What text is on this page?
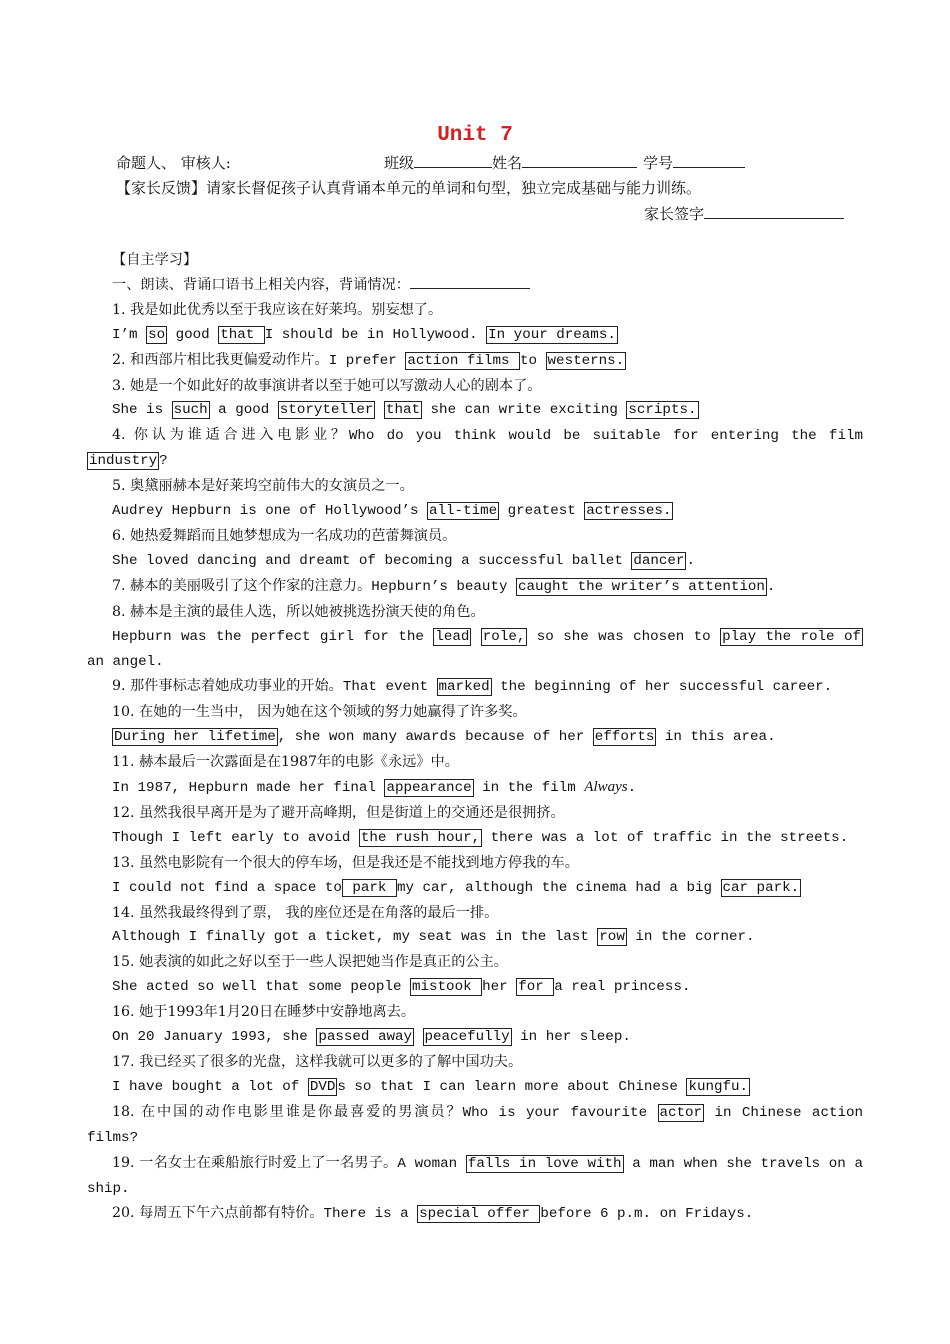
Unit 7
命题人、 审核人:	班级	姓名	学号
【家长反馈】请家长督促孩子认真背诵本单元的单词和句型，独立完成基础与能力训练。
家长签字
【自主学习】
一、朗读、背诵口语书上相关内容，背诵情况：
1. 我是如此优秀以至于我应该在好莱坞。别妄想了。
I’m so good that I should be in Hollywood. In your dreams.
2. 和西部片相比我更偏爱动作片。I prefer action films to westerns.
3. 她是一个如此好的故事演讲者以至于她可以写激动人心的剧本了。
She is such a good storyteller that she can write exciting scripts.
4. 你认为谁适合进入电影业？Who do you think would be suitable for entering the film industry ?
5. 奥黛丽赫本是好莱坞空前伟大的女演员之一。
Audrey Hepburn is one of Hollywood’s all-time greatest actresses.
6. 她热爱舞蹈而且她梦想成为一名成功的芭蕾舞演员。
She loved dancing and dreamt of becoming a successful ballet dancer .
7. 赫本的美丽吸引了这个作家的注意力。Hepburn’s beauty caught the writer’s attention .
8. 赫本是主演的最佳人选，所以她被挑选扮演天使的角色。
Hepburn was the perfect girl for the lead role, so she was chosen to play the role of an angel.
9. 那件事标志着她成功事业的开始。That event marked the beginning of her successful career.
10. 在她的一生当中， 因为她在这个领域的努力她赢得了许多奖。
During her lifetime , she won many awards because of her efforts in this area.
11. 赫本最后一次露面是在1987年的电影《永远》中。
In 1987, Hepburn made her final appearance in the film Always.
12. 虽然我很早离开是为了避开高峰期，但是街道上的交通还是很拥挤。
Though I left early to avoid the rush hour, there was a lot of traffic in the streets.
13. 虽然电影院有一个很大的停车场，但是我还是不能找到地方停我的车。
I could not find a space to park my car, although the cinema had a big car park.
14. 虽然我最终得到了票， 我的座位还是在角落的最后一排。
Although I finally got a ticket, my seat was in the last row in the corner.
15. 她表演的如此之好以至于一些人误把她当作是真正的公主。
She acted so well that some people mistook her for a real princess.
16. 她于1993年1月20日在睡梦中安静地离去。
On 20 January 1993, she passed away peacefully in her sleep.
17. 我已经买了很多的光盘，这样我就可以更多的了解中国功夫。
I have bought a lot of DVD s so that I can learn more about Chinese kungfu.
18. 在中国的动作电影里谁是你最喜爱的男演员？Who is your favourite actor in Chinese action films?
19. 一名女士在乘船旅行时爱上了一名男子。A woman falls in love with a man when she travels on a ship.
20. 每周五下午六点前都有特价。There is a special offer before 6 p.m. on Fridays.
